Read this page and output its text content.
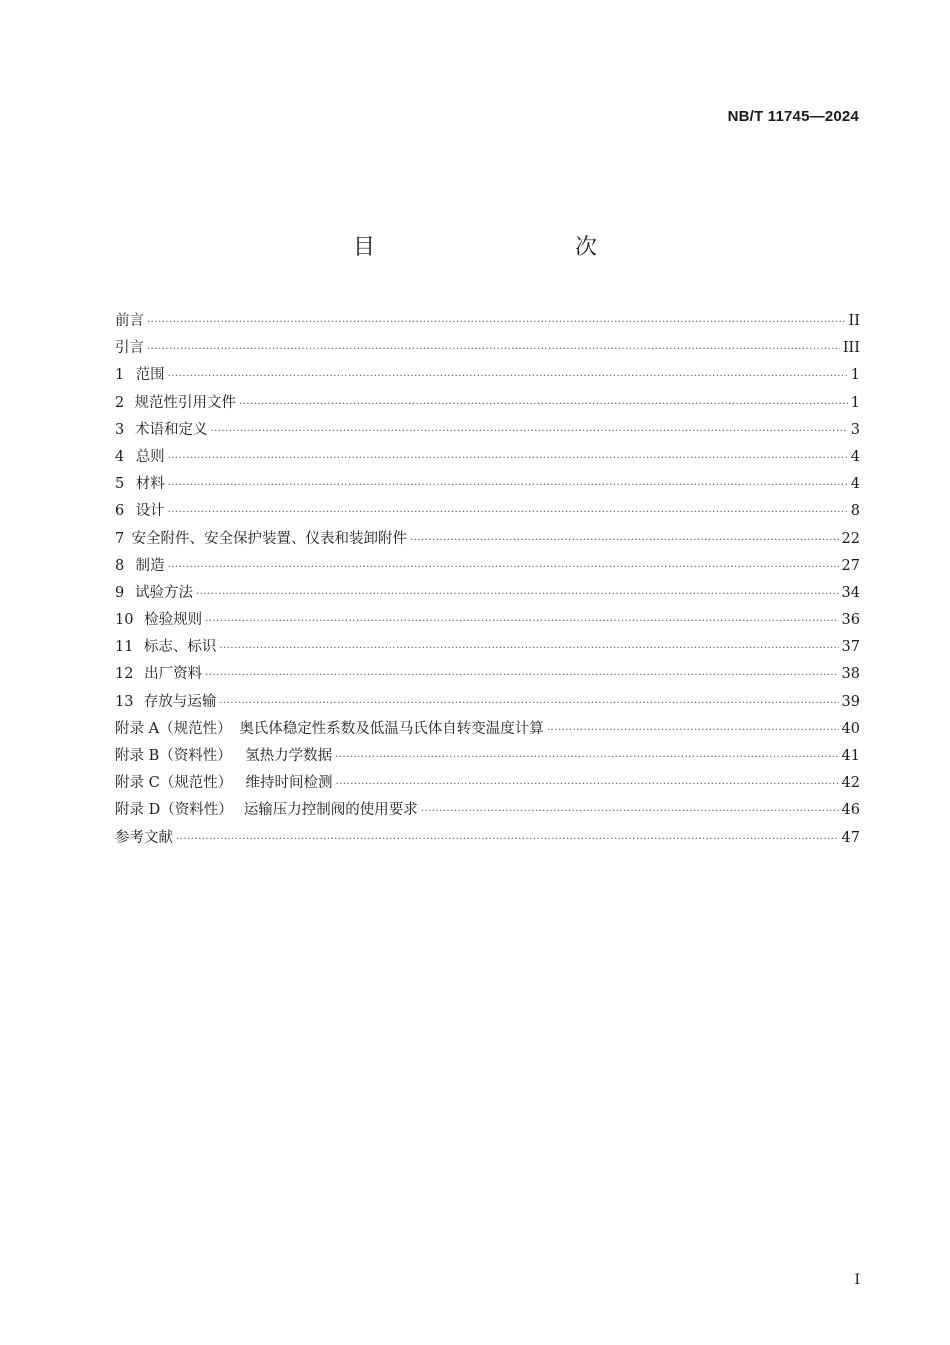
NB/T 11745—2024
目　　次
前言 ·····	II
引言 ·····	III
1 范围 ·····	1
2 规范性引用文件 ·····	1
3 术语和定义 ·····	3
4 总则 ·····	4
5 材料 ·····	4
6 设计 ·····	8
7 安全附件、安全保护装置、仪表和装卸附件 ·····	22
8 制造 ·····	27
9 试验方法 ·····	34
10 检验规则 ·····	36
11 标志、标识 ·····	37
12 出厂资料 ·····	38
13 存放与运输 ·····	39
附录 A（规范性） 奥氏体稳定性系数及低温马氏体自转变温度计算 ·····	40
附录 B（资料性） 氢热力学数据 ·····	41
附录 C（规范性） 维持时间检测 ·····	42
附录 D（资料性） 运输压力控制阀的使用要求 ·····	46
参考文献 ·····	47
I
